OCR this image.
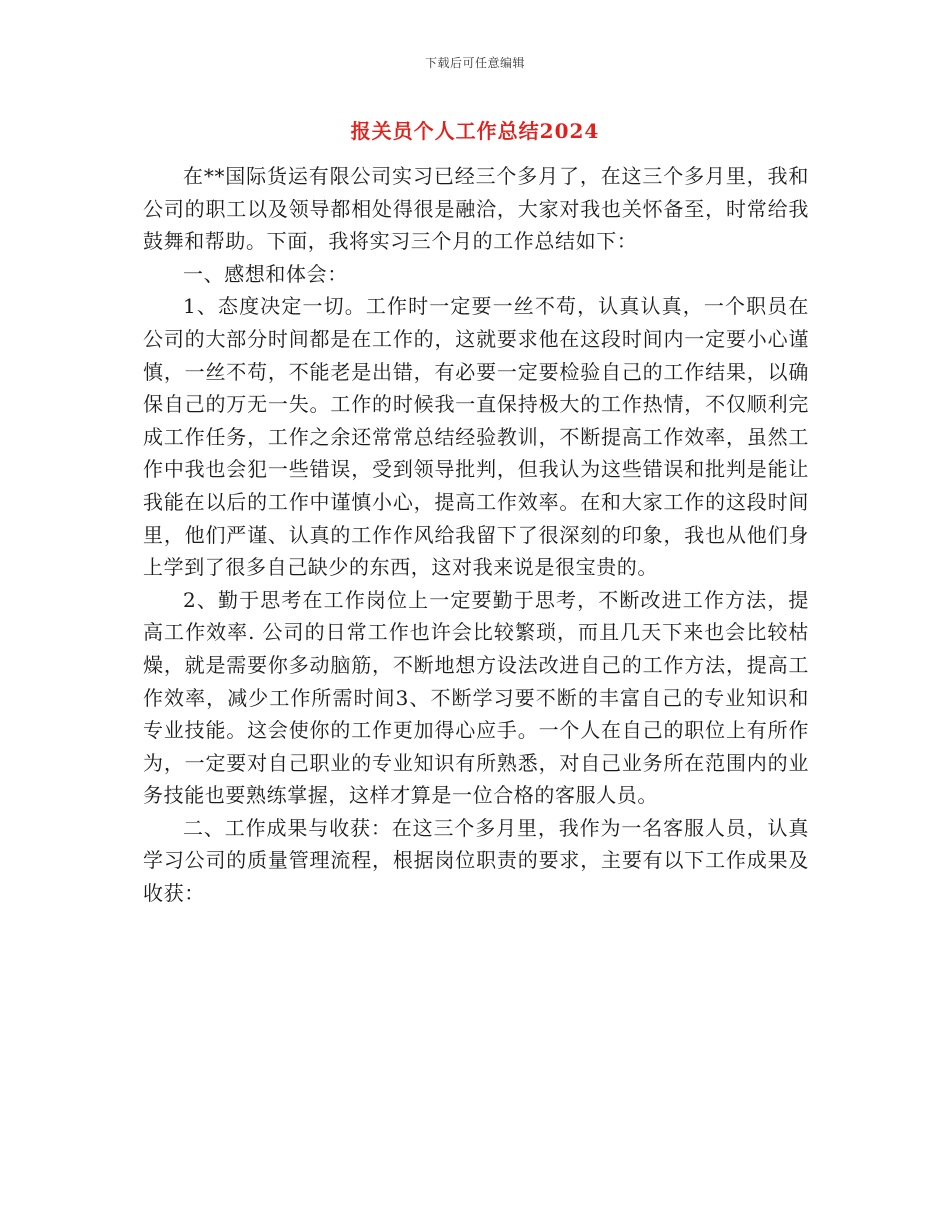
下载后可任意编辑
报关员个人工作总结2024

在**国际货运有限公司实习已经三个多月了，在这三个多月里，我和公司的职工以及领导都相处得很是融洽，大家对我也关怀备至，时常给我鼓舞和帮助。下面，我将实习三个月的工作总结如下：

一、感想和体会：

1、态度决定一切。工作时一定要一丝不苟，认真认真，一个职员在公司的大部分时间都是在工作的，这就要求他在这段时间内一定要小心谨慎，一丝不苟，不能老是出错，有必要一定要检验自己的工作结果，以确保自己的万无一失。工作的时候我一直保持极大的工作热情，不仅顺利完成工作任务，工作之余还常常总结经验教训，不断提高工作效率，虽然工作中我也会犯一些错误，受到领导批判，但我认为这些错误和批判是能让我能在以后的工作中谨慎小心，提高工作效率。在和大家工作的这段时间里，他们严谨、认真的工作作风给我留下了很深刻的印象，我也从他们身上学到了很多自己缺少的东西，这对我来说是很宝贵的。

2、勤于思考在工作岗位上一定要勤于思考，不断改进工作方法，提高工作效率. 公司的日常工作也许会比较繁琐，而且几天下来也会比较枯燥，就是需要你多动脑筋，不断地想方设法改进自己的工作方法，提高工作效率，减少工作所需时间3、不断学习要不断的丰富自己的专业知识和专业技能。这会使你的工作更加得心应手。一个人在自己的职位上有所作为，一定要对自己职业的专业知识有所熟悉，对自己业务所在范围内的业务技能也要熟练掌握，这样才算是一位合格的客服人员。

二、工作成果与收获：在这三个多月里，我作为一名客服人员，认真学习公司的质量管理流程，根据岗位职责的要求，主要有以下工作成果及收获：
